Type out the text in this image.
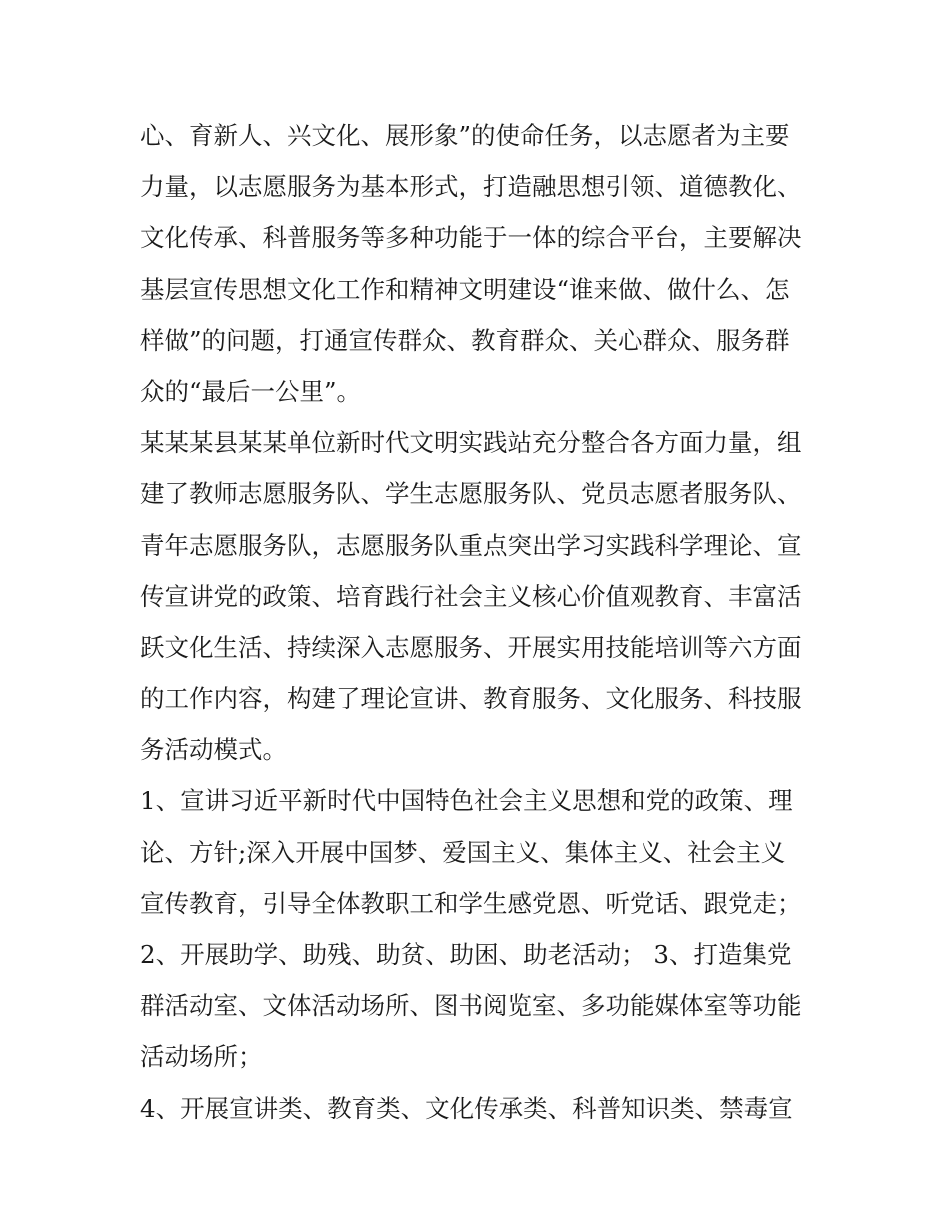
心、育新人、兴文化、展形象”的使命任务，以志愿者为主要
力量，以志愿服务为基本形式，打造融思想引领、道德教化、
文化传承、科普服务等多种功能于一体的综合平台，主要解决
基层宣传思想文化工作和精神文明建设“谁来做、做什么、怎
样做”的问题，打通宣传群众、教育群众、关心群众、服务群
众的“最后一公里”。
某某某县某某单位新时代文明实践站充分整合各方面力量，组
建了教师志愿服务队、学生志愿服务队、党员志愿者服务队、
青年志愿服务队，志愿服务队重点突出学习实践科学理论、宣
传宣讲党的政策、培育践行社会主义核心价值观教育、丰富活
跃文化生活、持续深入志愿服务、开展实用技能培训等六方面
的工作内容，构建了理论宣讲、教育服务、文化服务、科技服
务活动模式。
1、宣讲习近平新时代中国特色社会主义思想和党的政策、理
论、方针;深入开展中国梦、爱国主义、集体主义、社会主义
宣传教育，引导全体教职工和学生感党恩、听党话、跟党走；
2、开展助学、助残、助贫、助困、助老活动； 3、打造集党
群活动室、文体活动场所、图书阅览室、多功能媒体室等功能
活动场所；
4、开展宣讲类、教育类、文化传承类、科普知识类、禁毒宣
